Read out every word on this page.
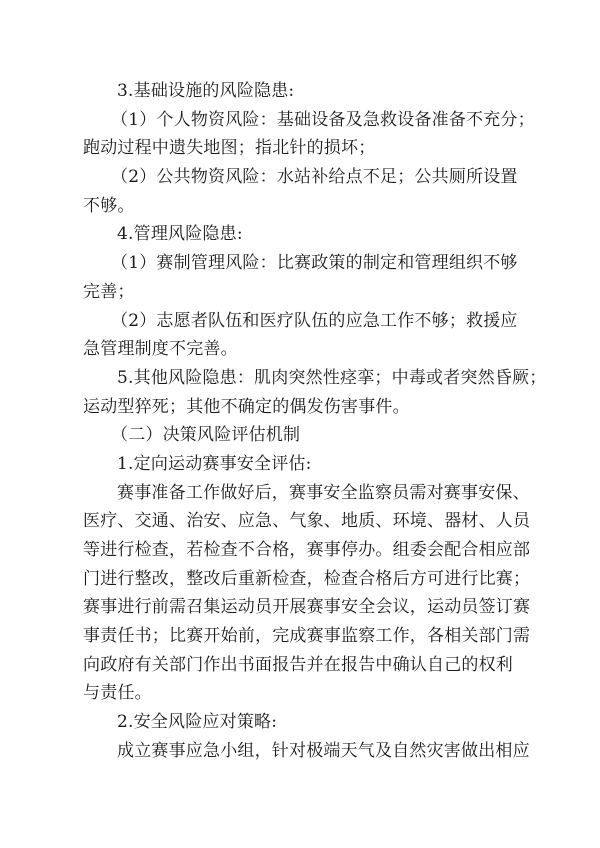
3.基础设施的风险隐患:
（1）个人物资风险：基础设备及急救设备准备不充分；
跑动过程中遗失地图；指北针的损坏；
（2）公共物资风险：水站补给点不足；公共厕所设置
不够。
4.管理风险隐患:
（1）赛制管理风险：比赛政策的制定和管理组织不够
完善；
（2）志愿者队伍和医疗队伍的应急工作不够；救援应
急管理制度不完善。
5.其他风险隐患：肌肉突然性痉挛；中毒或者突然昏厥；
运动型猝死；其他不确定的偶发伤害事件。
（二）决策风险评估机制
1.定向运动赛事安全评估:
赛事准备工作做好后，赛事安全监察员需对赛事安保、
医疗、交通、治安、应急、气象、地质、环境、器材、人员
等进行检查，若检查不合格，赛事停办。组委会配合相应部
门进行整改，整改后重新检查，检查合格后方可进行比赛；
赛事进行前需召集运动员开展赛事安全会议，运动员签订赛
事责任书；比赛开始前，完成赛事监察工作，各相关部门需
向政府有关部门作出书面报告并在报告中确认自己的权利
与责任。
2.安全风险应对策略:
成立赛事应急小组，针对极端天气及自然灾害做出相应
